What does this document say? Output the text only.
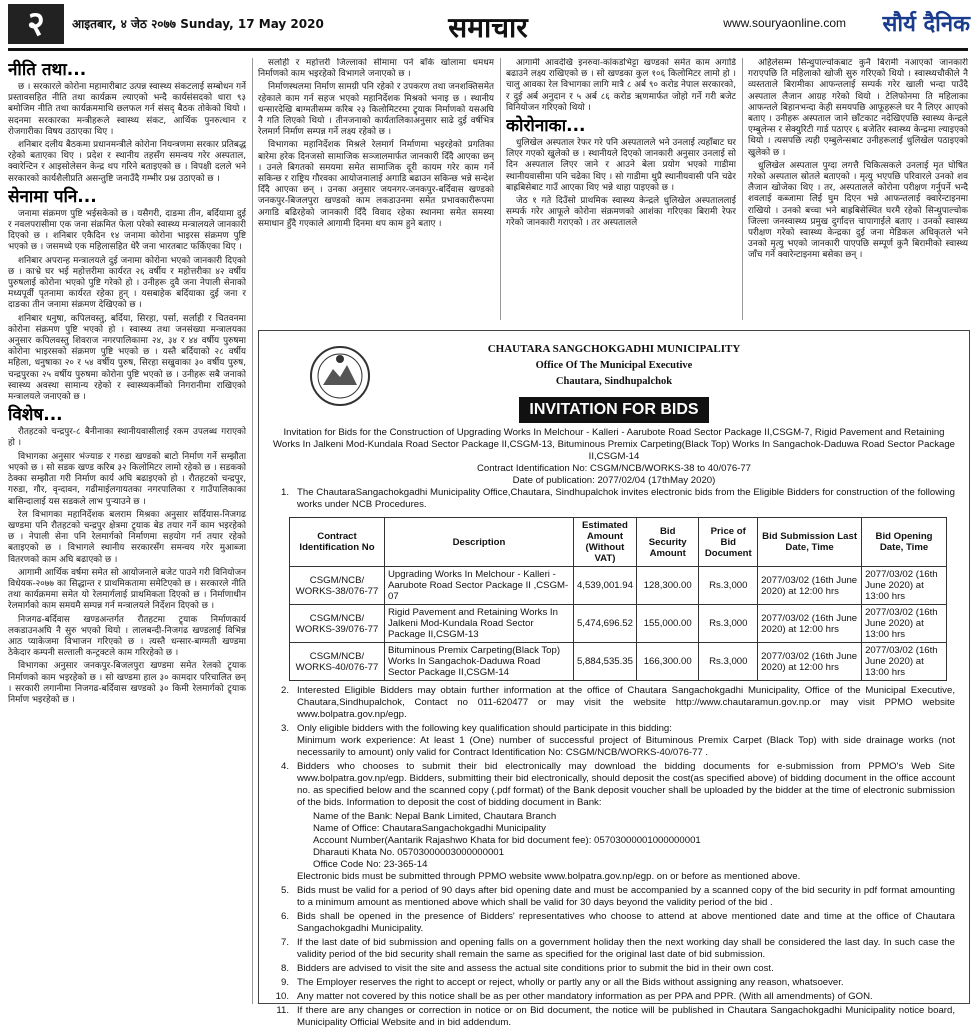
२	आइतबार, ४ जेठ २०७७ Sunday, 17 May 2020	समाचार	www.souryaonline.com सौर्य दैनिक
नीति तथा...

छ । सरकारले कोरोना महामारीबाट उत्पन्न स्वास्थ्य संकटलाई सम्बोधन गर्ने प्रस्तावसहित नीति तथा कार्यक्रम ल्याएको भन्दै कार्यसंसदको धारा ९३ बमोजिम नीति तथा कार्यक्रममाथि छलफल गर्न संसद् बैठक तोकेको थियो । सदनमा सरकारका मन्त्रीहरूले स्वास्थ्य संकट, आर्थिक पुनरुत्थान र रोजगारीका विषय उठाएका थिए ।

शनिबार दलीय बैठकमा प्रधानमन्त्रीले कोरोना नियन्त्रणमा सरकार प्रतिबद्ध रहेको बताएका थिए । प्रदेश र स्थानीय तहसँग समन्वय गरेर अस्पताल, क्वारेन्टिन र आइसोलेसन केन्द्र थप गरिने बताइएको छ । विपक्षी दलले भने सरकारको कार्यशैलीप्रति असन्तुष्टि जनाउँदै गम्भीर प्रश्न उठाएको छ ।

सेनामा पनि...

जनामा संक्रमण पुष्टि भईसकेको छ । यसैगरी, दाङमा तीन, बर्दियामा दुई र नवलपरासीमा एक जना संक्रमित फेला परेको स्वास्थ्य मन्त्रालयले जानकारी दिएको छ । शनिबार एकैदिन १४ जनामा कोरोना भाइरस संक्रमण पुष्टि भएको छ । जसमध्ये एक महिलासहित धेरै जना भारतबाट फर्किएका थिए ।

शनिबार अपरान्ह मन्त्रालयले दुई जनामा कोरोना भएको जानकारी दिएको छ । काभ्रे घर भई महोत्तरीमा कार्यरत २६ वर्षीय र महोत्तरीका ४२ वर्षीय पुरुषलाई कोरोना भएको पुष्टि गरेको हो । उनीहरू दुवै जना नेपाली सेनाको मध्यपूर्वी पृतनामा कार्यरत रहेका हुन् । यसबाहेक बर्दियाका दुई जना र दाङका तीन जनामा संक्रमण देखिएको छ ।

शनिबार धनुषा, कपिलवस्तु, बर्दिया, सिरहा, पर्सा, सर्लाही र चितवनमा कोरोना संक्रमण पुष्टि भएको हो । स्वास्थ्य तथा जनसंख्या मन्त्रालयका अनुसार कपिलवस्तु शिवराज नगरपालिकामा २४, ३४ र ४४ वर्षीय पुरुषमा कोरोना भाइरसको संक्रमण पुष्टि भएको छ । यस्तै बर्दियाको २८ वर्षीय महिला, धनुषाका २० र ५४ वर्षीय पुरुष, सिरहा सखुवाका ३० वर्षीय पुरुष, चन्द्रपुरका २५ वर्षीय पुरुषमा कोरोना पुष्टि भएको छ । उनीहरू सबै जनाको स्वास्थ्य अवस्था सामान्य रहेको र स्वास्थ्यकर्मीको निगरानीमा राखिएको मन्त्रालयले जनाएको छ ।

विशेष...

रौतहटको चन्द्रपुर-८ बैनीनाका स्थानीयवासीलाई रकम उपलब्ध गराएको हो ।

विभागका अनुसार भंज्याङ र गरुडा खण्डको बाटो निर्माण गर्ने सम्झौता भएको छ । सो सडक खण्ड करिब ३२ किलोमिटर लामो रहेको छ । सडकको ठेक्का सम्झौता गरी निर्माण कार्य अघि बढाइएको हो । रौतहटको चन्द्रपुर, गरुडा, गौर, वृन्दावन, गढीमाईलगायतका नगरपालिका र गाउँपालिकाका बासिन्दालाई यस सडकले लाभ पुर्‍याउने छ ।

रेल विभागका महानिर्देशक बलराम मिश्रका अनुसार सर्दियास-निजगढ खण्डमा पनि रौतहटको चन्द्रपुर क्षेत्रमा ट्र्याक बेड तयार गर्ने काम भइरहेको छ । नेपाली सेना पनि रेलमार्गको निर्माणमा सहयोग गर्न तयार रहेको बताइएको छ । विभागले स्थानीय सरकारसँग समन्वय गरेर मुआब्जा वितरणको काम अघि बढाएको छ ।

आगामी आर्थिक वर्षमा समेत सो आयोजनाले बजेट पाउने गरी विनियोजन विधेयक-२०७७ का सिद्धान्त र प्राथमिकतामा समेटिएको छ । सरकारले नीति तथा कार्यक्रममा समेत यो रेलमार्गलाई प्राथमिकता दिएको छ । निर्माणाधीन रेलमार्गको काम समयमै सम्पन्न गर्न मन्त्रालयले निर्देशन दिएको छ ।

निजगढ-बर्दिवास खण्डअन्तर्गत रौतहटमा ट्र्याक निर्माणकार्य लकडाउनअघि नै सुरु भएको थियो । लालबन्दी-निजगढ खण्डलाई विभिन्न आठ प्याकेजमा विभाजन गरिएको छ । त्यस्तै धन्सार-बाग्मती खण्डमा ठेकेदार कम्पनी सल्ताली कन्ट्रक्टले काम गरिरहेको छ ।

विभागका अनुसार जनकपुर-बिजलपुरा खण्डमा समेत रेलको ट्र्याक निर्माणको काम भइरहेको छ । सो खण्डमा हाल ३० कामदार परिचालित छन् । सरकारी लगानीमा निजगढ-बर्दिवास खण्डको ३० किमी रेलमार्गको ट्र्याक निर्माण भइरहेको छ ।

सर्लाही र महोत्तरी जिल्लाको सीमामा पर्ने बाँके खोलामा धमधम निर्माणको काम भइरहेको विभागले जनाएको छ ।

निर्माणस्थलमा निर्माण सामग्री पनि रहेको र उपकरण तथा जनशक्तिसमेत रहेकाले काम गर्न सहज भएको महानिर्देशक मिश्रको भनाइ छ । स्थानीय धन्सारदेखि बाग्मतीसम्म करिब २३ किलोमिटरमा ट्र्याक निर्माणको यसअघि नै गति लिएको थियो । तीनजनाको कार्यतालिकाअनुसार साढे दुई वर्षभित्र रेलमार्ग निर्माण सम्पन्न गर्ने लक्ष्य रहेको छ ।

विभागका महानिर्देशक मिश्रले रेलमार्ग निर्माणमा भइरहेको प्रगतिका बारेमा हरेक दिनजसो सामाजिक सञ्जालमार्फत जानकारी दिँदै आएका छन् । उनले बिगतको समयमा समेत सामाजिक दूरी कायम गरेर काम गर्ने सकिन्छ र राष्ट्रिय गौरवका आयोजनालाई अगाडि बढाउन सकिन्छ भन्ने सन्देश दिँदै आएका छन् । उनका अनुसार जयनगर-जनकपुर-बर्दिवास खण्डको जनकपुर-बिजलपुरा खण्डको काम लकडाउनमा समेत प्रभावकारीरूपमा अगाडि बढिरहेको जानकारी दिँदै विवाद रहेका स्थानमा समेत समस्या समाधान हुँदै गएकाले आगामी दिनमा थप काम हुने बताए ।

आगामी आवदेखि इनरुवा-कांकडभिट्टा खण्डको समेत काम अगाडि बढाउने लक्ष्य राखिएको छ । सो खण्डका कुल १०६ किलोमिटर लामो हो । चालु आवका रेल विभागका लागि मात्रै ८ अर्ब ९० करोड नेपाल सरकारको, र दुई अर्ब अनुदान र ५ अर्ब ८६ करोड ऋणमार्फत जोहो गर्ने गरी बजेट विनियोजन गरिएको थियो ।

कोरोनाका...

धुलिखेल अस्पताल रेफर गरे पनि अस्पतालले भने उनलाई त्यहाँबाट घर लिएर गएको खुलेको छ । स्थानीयले दिएको जानकारी अनुसार उनलाई सो दिन अस्पताल लिएर जाने र आउने बेला प्रयोग भएको गाडीमा स्थानीयवासीमा पनि चढेका थिए । सो गाडीमा थुप्रै स्थानीयवासी पनि चढेर बाह्रबिसेबाट गाउँ आएका थिए भन्ने थाहा पाइएको छ ।

जेठ १ गते दिउँसो प्राथमिक स्वास्थ्य केन्द्रले धुलिखेल अस्पताललाई सम्पर्क गरेर आफूले कोरोना संक्रमणको आशंका गरिएका बिरामी रेफर गरेको जानकारी गराएको । तर अस्पतालले

अहिलेसम्म सिन्धुपाल्चोकबाट कुनै बिरामी नआएको जानकारी गराएपछि ति महिलाको खोजी सुरु गरिएको थियो । स्वास्थ्यचौकीले नै व्यस्तताले बिरामीका आफन्तलाई सम्पर्क गरेर खाली भन्दा पाउँदै अस्पताल लैजान आग्रह गरेको थियो । टेलिफोनमा ति महिलाका आफन्तले बिहानभन्दा केही समयपछि आफूहरूले घर नै लिएर आएको बताए । उनीहरू अस्पताल जाने छाँटकाट नदेखिएपछि स्वास्थ्य केन्द्रले एम्बुलेन्स र सेक्युरिटी गार्ड पठाएर ६ बजेतिर स्वास्थ्य केन्द्रमा ल्याइएको थियो । त्यसपछि त्यही एम्बुलेन्सबाट उनीहरूलाई धुलिखेल पठाइएको खुलेको छ ।

धुलिखेल अस्पताल पुग्दा लगत्तै चिकित्सकले उनलाई मृत घोषित गरेको अस्पताल स्रोतले बताएको । मृत्यु भएपछि परिवारले उनको शव लैजान खोजेका थिए । तर, अस्पतालले कोरोना परीक्षण गर्नुपर्ने भन्दै शवलाई कब्जामा लिई घुम दिएन भन्ने आफन्तलाई क्वारेन्टाइनमा राखियो । उनको बच्चा भने बाह्रबिसेस्थित घरमै रहेको सिन्धुपाल्चोक जिल्ला जनस्वास्थ्य प्रमुख दुर्गादत्त चापागाईले बताए । उनको स्वास्थ्य परीक्षण गरेको स्वास्थ्य केन्द्रका दुई जना मेडिकल अधिकृतले भने उनको मृत्यु भएको जानकारी पाएपछि सम्पूर्ण कुनै बिरामीको स्वास्थ्य जाँच गर्ने क्वारेन्टाइनमा बसेका छन् ।

CHAUTARA SANGCHOKGADHI MUNICIPALITY
Office Of The Municipal Executive
Chautara, Sindhupalchok
INVITATION FOR BIDS
Invitation for Bids for the Construction of Upgrading Works In Melchour - Kalleri - Aarubote Road Sector Package II,CSGM-7, Rigid Pavement and Retaining Works In Jalkeni Mod-Kundala Road Sector Package II,CSGM-13, Bituminous Premix Carpeting(Black Top) Works In Sangachok-Daduwa Road Sector Package II,CSGM-14
Contract Identification No: CSGM/NCB/WORKS-38 to 40/076-77
Date of publication: 2077/02/04 (17thMay 2020)
1. The ChautaraSangachokgadhi Municipality Office,Chautara, Sindhupalchok invites electronic bids from the Eligible Bidders for construction of the following works under NCB Procedures.
Contract Identification No	Description	Estimated Amount (Without VAT)	Bid Security Amount	Price of Bid Document	Bid Submission Last Date, Time	Bid Opening Date, Time
CSGM/NCB/ WORKS-38/076-77	Upgrading Works In Melchour - Kalleri - Aarubote Road Sector Package II ,CSGM-07	4,539,001.94	128,300.00	Rs.3,000	2077/03/02 (16th June 2020) at 12:00 hrs	2077/03/02 (16th June 2020) at 13:00 hrs
CSGM/NCB/ WORKS-39/076-77	Rigid Pavement and Retaining Works In Jalkeni Mod-Kundala Road Sector Package II,CSGM-13	5,474,696.52	155,000.00	Rs.3,000	2077/03/02 (16th June 2020) at 12:00 hrs	2077/03/02 (16th June 2020) at 13:00 hrs
CSGM/NCB/ WORKS-40/076-77	Bituminous Premix Carpeting(Black Top) Works In Sangachok-Daduwa Road Sector Package II,CSGM-14	5,884,535.35	166,300.00	Rs.3,000	2077/03/02 (16th June 2020) at 12:00 hrs	2077/03/02 (16th June 2020) at 13:00 hrs
2. Interested Eligible Bidders may obtain further information at the office of Chautara Sangachokgadhi Municipality, Office of the Municipal Executive, Chautara,Sindhupalchok, Contact no 011-620477 or may visit the website http://www.chautaramun.gov.np.or may visit PPMO website www.bolpatra.gov.np/egp.
3. Only eligible bidders with the following key qualification should participate in this bidding:
Minimum work experience: At least 1 (One) number of successful project of Bituminous Premix Carpet (Black Top) with side drainage works (not necessarily to amount) only valid for Contract Identification No: CSGM/NCB/WORKS-40/076-77 .
4. Bidders who chooses to submit their bid electronically may download the bidding documents for e-submission from PPMO's Web Site www.bolpatra.gov.np/egp. Bidders, submitting their bid electronically, should deposit the cost(as specified above) of bidding document in the office account no. as specified below and the scanned copy (.pdf format) of the Bank deposit voucher shall be uploaded by the bidder at the time of electronic submission of the bids. Information to deposit the cost of bidding document in Bank:
Name of the Bank: Nepal Bank Limited, Chautara Branch
Name of Office: ChautaraSangachokgadhi Municipality
Account Number(Aantarik Rajashwo Khata for bid document fee): 05703000001000000001
Dharauti Khata No. 05703000003000000001
Office Code No: 23-365-14
Electronic bids must be submitted through PPMO website www.bolpatra.gov.np/egp. on or before as mentioned above.
5. Bids must be valid for a period of 90 days after bid opening date and must be accompanied by a scanned copy of the bid security in pdf format amounting to a minimum amount as mentioned above which shall be valid for 30 days beyond the validity period of the bid .
6. Bids shall be opened in the presence of Bidders' representatives who choose to attend at above mentioned date and time at the office of Chautara Sangachokgadhi Municipality.
7. If the last date of bid submission and opening falls on a government holiday then the next working day shall be considered the last day. In such case the validity period of the bid security shall remain the same as specified for the original last date of bid submission.
8. Bidders are advised to visit the site and assess the actual site conditions prior to submit the bid in their own cost.
9. The Employer reserves the right to accept or reject, wholly or partly any or all the Bids without assigning any reason, whatsoever.
10. Any matter not covered by this notice shall be as per other mandatory information as per PPA and PPR. (With all amendments) of GON.
11. If there are any changes or correction in notice or on Bid document, the notice will be published in Chautara Sangachokgadhi Municipality notice board, Municipality Official Website and in bid addendum.
